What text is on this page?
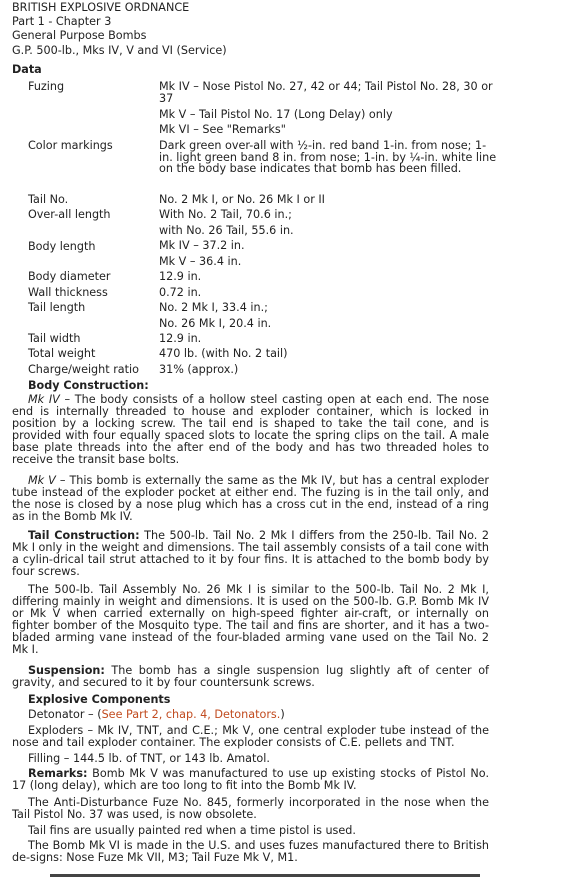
BRITISH EXPLOSIVE ORDNANCE
Part 1 - Chapter 3
General Purpose Bombs
G.P. 500-lb., Mks IV, V and VI (Service)
Data
Fuzing	Mk IV – Nose Pistol No. 27, 42 or 44; Tail Pistol No. 28, 30 or 37
Mk V – Tail Pistol No. 17 (Long Delay) only
Mk VI – See "Remarks"
Color markings	Dark green over-all with ½-in. red band 1-in. from nose; 1-in. light green band 8 in. from nose; 1-in. by ¼-in. white line on the body base indicates that bomb has been filled.
Tail No.	No. 2 Mk I, or No. 26 Mk I or II
Over-all length	With No. 2 Tail, 70.6 in.;
with No. 26 Tail, 55.6 in.
Body length	Mk IV – 37.2 in.
Mk V – 36.4 in.
Body diameter	12.9 in.
Wall thickness	0.72 in.
Tail length	No. 2 Mk I, 33.4 in.;
No. 26 Mk I, 20.4 in.
Tail width	12.9 in.
Total weight	470 lb. (with No. 2 tail)
Charge/weight ratio 31% (approx.)
Body Construction:
Mk IV – The body consists of a hollow steel casting open at each end. The nose end is internally threaded to house and exploder container, which is locked in position by a locking screw. The tail end is shaped to take the tail cone, and is provided with four equally spaced slots to locate the spring clips on the tail. A male base plate threads into the after end of the body and has two threaded holes to receive the transit base bolts.
Mk V – This bomb is externally the same as the Mk IV, but has a central exploder tube instead of the exploder pocket at either end. The fuzing is in the tail only, and the nose is closed by a nose plug which has a cross cut in the end, instead of a ring as in the Bomb Mk IV.
Tail Construction: The 500-lb. Tail No. 2 Mk I differs from the 250-lb. Tail No. 2 Mk I only in the weight and dimensions. The tail assembly consists of a tail cone with a cylin-drical tail strut attached to it by four fins. It is attached to the bomb body by four screws.
The 500-lb. Tail Assembly No. 26 Mk I is similar to the 500-lb. Tail No. 2 Mk I, differing mainly in weight and dimensions. It is used on the 500-lb. G.P. Bomb Mk IV or Mk V when carried externally on high-speed fighter air-craft, or internally on fighter bomber of the Mosquito type. The tail and fins are shorter, and it has a two-bladed arming vane instead of the four-bladed arming vane used on the Tail No. 2 Mk I.
Suspension: The bomb has a single suspension lug slightly aft of center of gravity, and secured to it by four countersunk screws.
Explosive Components
Detonator – (See Part 2, chap. 4, Detonators.)
Exploders – Mk IV, TNT, and C.E.; Mk V, one central exploder tube instead of the nose and tail exploder container. The exploder consists of C.E. pellets and TNT.
Filling – 144.5 lb. of TNT, or 143 lb. Amatol.
Remarks: Bomb Mk V was manufactured to use up existing stocks of Pistol No. 17 (long delay), which are too long to fit into the Bomb Mk IV.
The Anti-Disturbance Fuze No. 845, formerly incorporated in the nose when the Tail Pistol No. 37 was used, is now obsolete.
Tail fins are usually painted red when a time pistol is used.
The Bomb Mk VI is made in the U.S. and uses fuzes manufactured there to British de-signs: Nose Fuze Mk VII, M3; Tail Fuze Mk V, M1.
